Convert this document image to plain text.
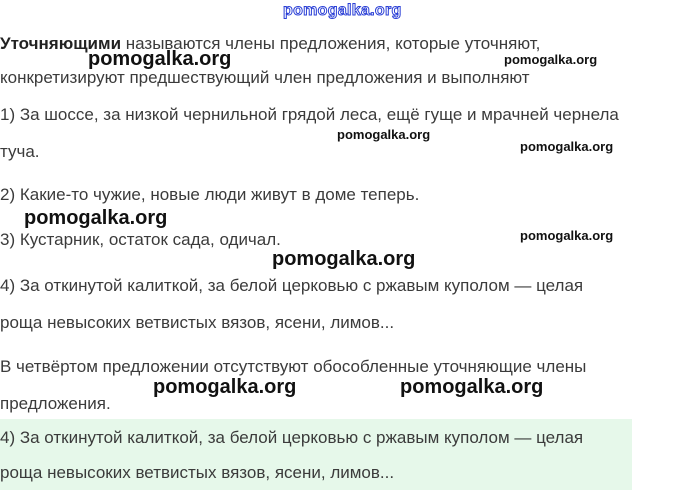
pomogalka.org
Уточняющими называются члены предложения, которые уточняют,
конкретизируют предшествующий член предложения и выполняют
1) За шоссе, за низкой чернильной грядой леса, ещё гуще и мрачней чернела
туча.
2) Какие-то чужие, новые люди живут в доме теперь.
3) Кустарник, остаток сада, одичал.
4) За откинутой калиткой, за белой церковью с ржавым куполом — целая
роща невысоких ветвистых вязов, ясени, лимов...
В четвёртом предложении отсутствуют обособленные уточняющие члены
предложения.
4) За откинутой калиткой, за белой церковью с ржавым куполом — целая
роща невысоких ветвистых вязов, ясени, лимов...
pomogalka.org	pomogalka.org
pomogalka.org
pomogalka.org
pomogalka.org
pomogalka.org
pomogalka.org
pomogalka.org	pomogalka.org
